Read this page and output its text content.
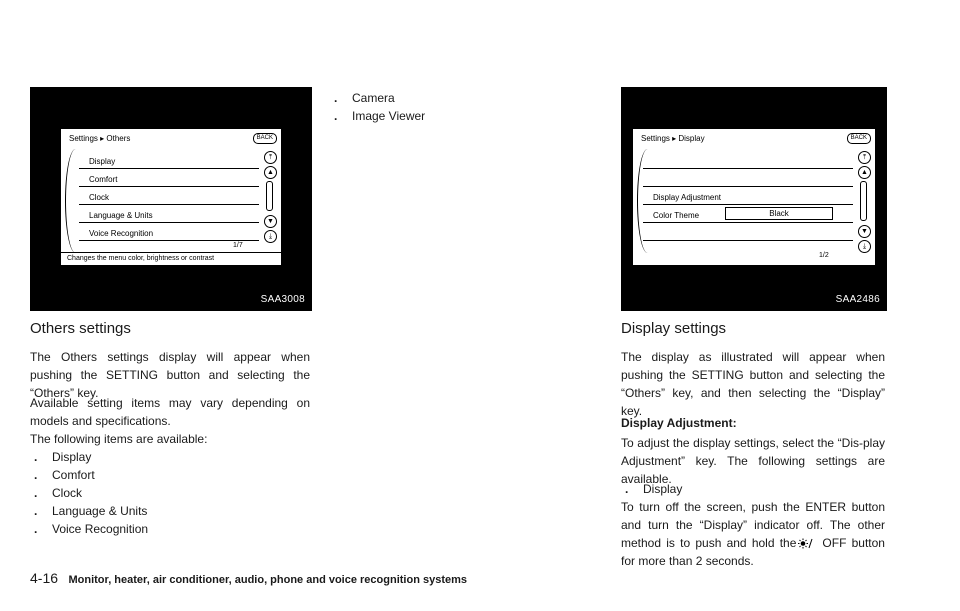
Settings ▸ Others	BACK
Display
Comfort
Clock
Language & Units
Voice Recognition
1/7
⤒
▲
▼
⤓
Changes the menu color, brightness or contrast
SAA3008
Others settings

The Others settings display will appear when pushing the SETTING button and selecting the “Others” key.

Available setting items may vary depending on models and specifications.

The following items are available:

. Display
. Comfort
. Clock
. Language & Units
. Voice Recognition
. Camera
. Image Viewer
Settings ▸ Display	BACK
Display Adjustment
Color Theme	Black
1/2
⤒
▲
▼
⤓
SAA2486
Display settings

The display as illustrated will appear when pushing the SETTING button and selecting the “Others” key, and then selecting the “Display” key.

Display Adjustment:

To adjust the display settings, select the “Dis-play Adjustment” key. The following settings are available.

. Display

To turn off the screen, push the ENTER button and turn the “Display” indicator off. The other method is to push and hold the OFF button for more than 2 seconds.

4-16 Monitor, heater, air conditioner, audio, phone and voice recognition systems
